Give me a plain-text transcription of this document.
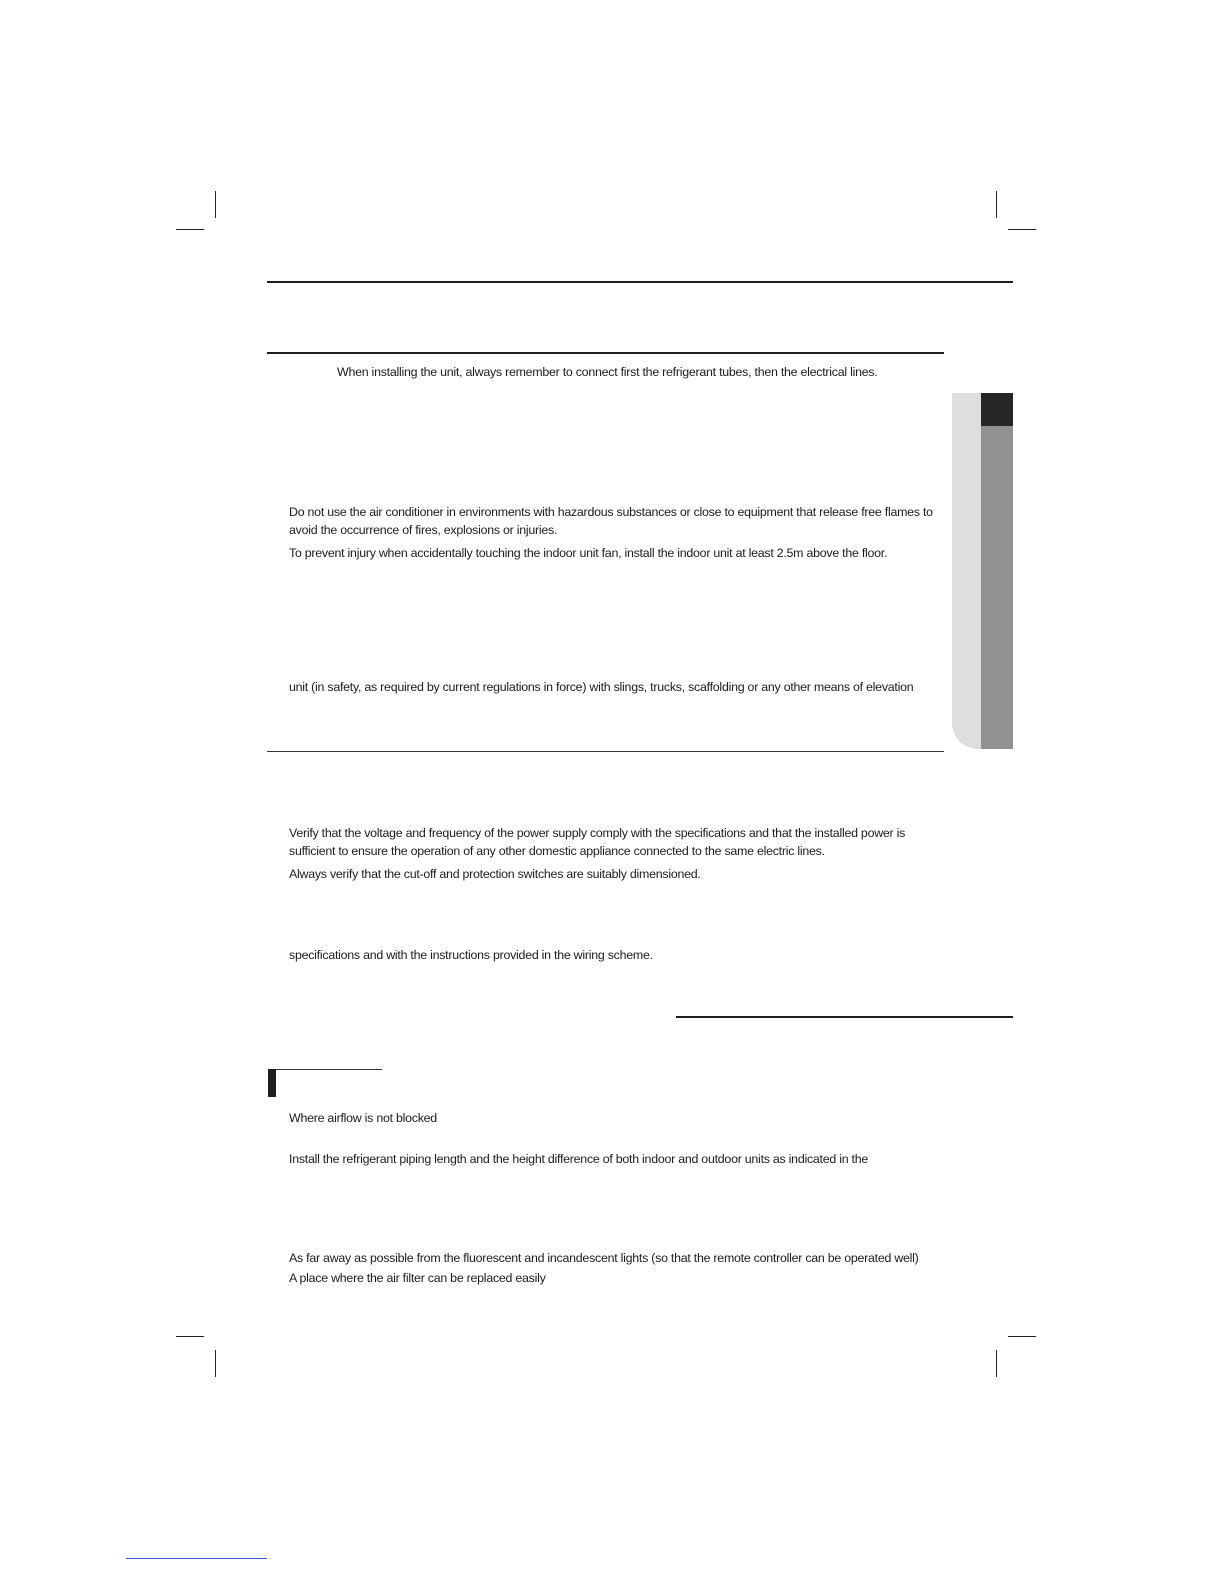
When installing the unit, always remember to connect first the refrigerant tubes, then the electrical lines.
Do not use the air conditioner in environments with hazardous substances or close to equipment that release free flames to
avoid the occurrence of fires, explosions or injuries.
To prevent injury when accidentally touching the indoor unit fan, install the indoor unit at least 2.5m above the floor.
unit (in safety, as required by current regulations in force) with slings, trucks, scaffolding or any other means of elevation
Verify that the voltage and frequency of the power supply comply with the specifications and that the installed power is
sufficient to ensure the operation of any other domestic appliance connected to the same electric lines.
Always verify that the cut-off and protection switches are suitably dimensioned.
specifications and with the instructions provided in the wiring scheme.
Where airflow is not blocked
Install the refrigerant piping length and the height difference of both indoor and outdoor units as indicated in the
As far away as possible from the fluorescent and incandescent lights (so that the remote controller can be operated well)
A place where the air filter can be replaced easily
